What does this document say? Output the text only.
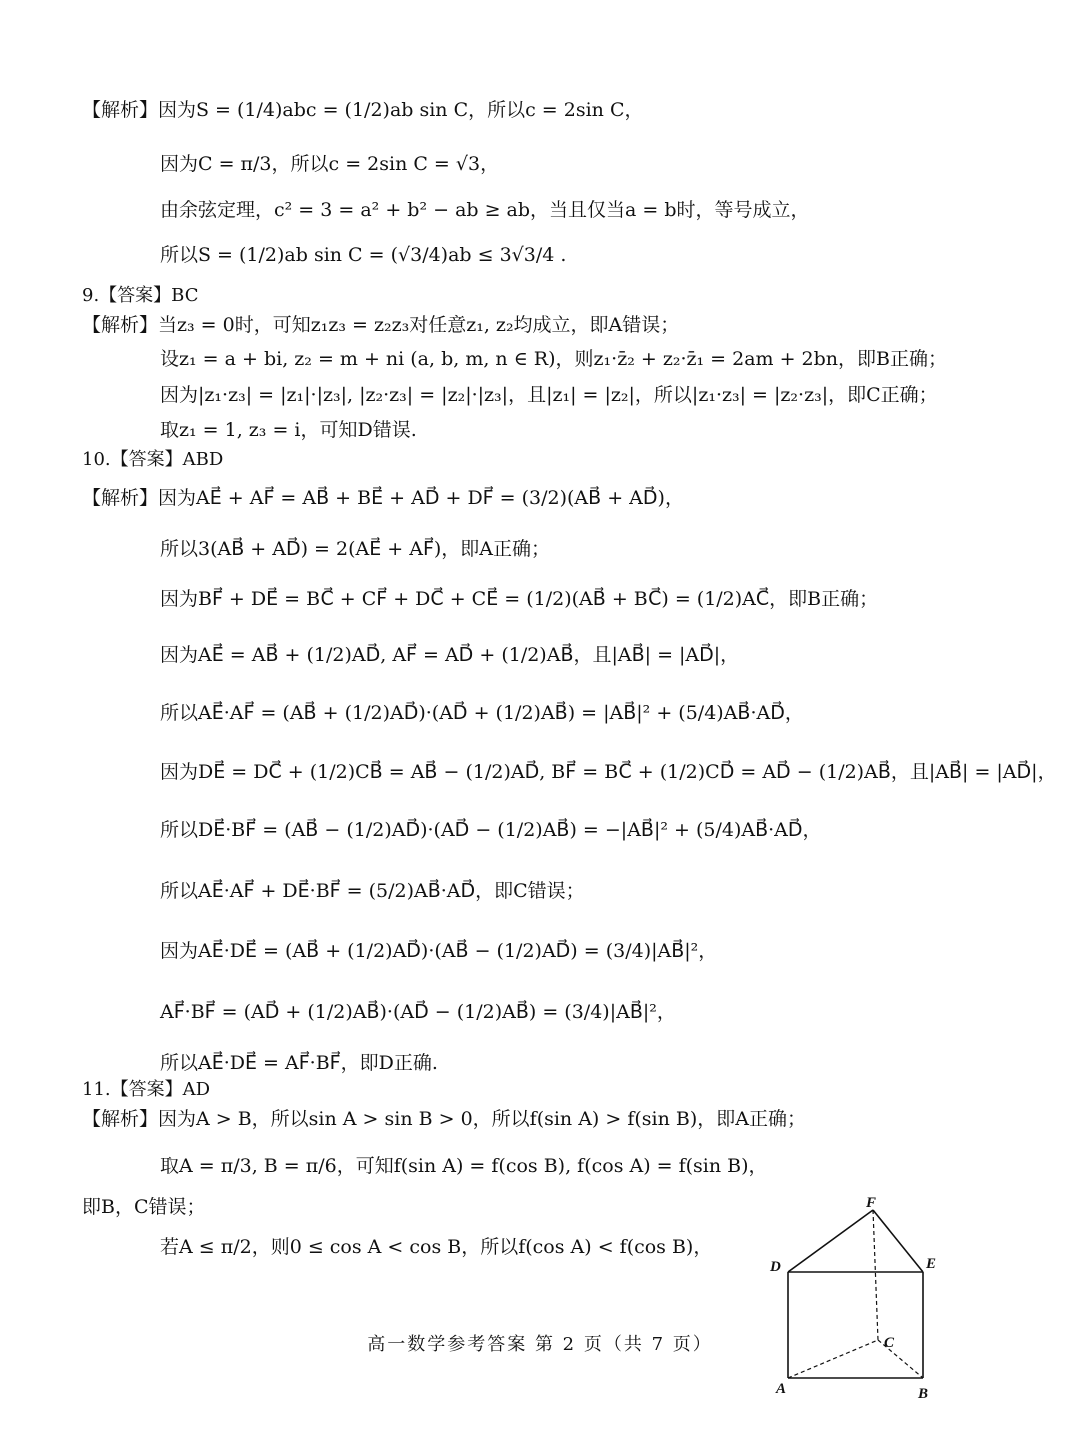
【解析】因为S = (1/4)abc = (1/2)ab sin C，所以c = 2sin C，
因为C = π/3，所以c = 2sin C = √3，
由余弦定理，c² = 3 = a² + b² − ab ≥ ab，当且仅当a = b时，等号成立，
所以S = (1/2)ab sin C = (√3/4)ab ≤ 3√3/4 .
9.【答案】BC
【解析】当z₃ = 0时，可知z₁z₃ = z₂z₃对任意z₁, z₂均成立，即A错误；
设z₁ = a + bi, z₂ = m + ni (a, b, m, n ∈ R)，则z₁·z̄₂ + z₂·z̄₁ = 2am + 2bn，即B正确；
因为|z₁·z₃| = |z₁|·|z₃|, |z₂·z₃| = |z₂|·|z₃|，且|z₁| = |z₂|，所以|z₁·z₃| = |z₂·z₃|，即C正确；
取z₁ = 1, z₃ = i，可知D错误.
10.【答案】ABD
【解析】因为AE⃗ + AF⃗ = AB⃗ + BE⃗ + AD⃗ + DF⃗ = (3/2)(AB⃗ + AD⃗)，
所以3(AB⃗ + AD⃗) = 2(AE⃗ + AF⃗)，即A正确；
因为BF⃗ + DE⃗ = BC⃗ + CF⃗ + DC⃗ + CE⃗ = (1/2)(AB⃗ + BC⃗) = (1/2)AC⃗，即B正确；
因为AE⃗ = AB⃗ + (1/2)AD⃗, AF⃗ = AD⃗ + (1/2)AB⃗，且|AB⃗| = |AD⃗|，
所以AE⃗·AF⃗ = (AB⃗ + (1/2)AD⃗)·(AD⃗ + (1/2)AB⃗) = |AB⃗|² + (5/4)AB⃗·AD⃗，
因为DE⃗ = DC⃗ + (1/2)CB⃗ = AB⃗ − (1/2)AD⃗, BF⃗ = BC⃗ + (1/2)CD⃗ = AD⃗ − (1/2)AB⃗，且|AB⃗| = |AD⃗|，
所以DE⃗·BF⃗ = (AB⃗ − (1/2)AD⃗)·(AD⃗ − (1/2)AB⃗) = −|AB⃗|² + (5/4)AB⃗·AD⃗，
所以AE⃗·AF⃗ + DE⃗·BF⃗ = (5/2)AB⃗·AD⃗，即C错误；
因为AE⃗·DE⃗ = (AB⃗ + (1/2)AD⃗)·(AB⃗ − (1/2)AD⃗) = (3/4)|AB⃗|²，
AF⃗·BF⃗ = (AD⃗ + (1/2)AB⃗)·(AD⃗ − (1/2)AB⃗) = (3/4)|AB⃗|²，
所以AE⃗·DE⃗ = AF⃗·BF⃗，即D正确.
11.【答案】AD
【解析】因为A > B，所以sin A > sin B > 0，所以f(sin A) > f(sin B)，即A正确；
取A = π/3, B = π/6，可知f(sin A) = f(cos B), f(cos A) = f(sin B)，
即B，C错误；
若A ≤ π/2，则0 ≤ cos A < cos B，所以f(cos A) < f(cos B)，
高一数学参考答案 第 2 页（共 7 页）
F
D	E
C
A	B
